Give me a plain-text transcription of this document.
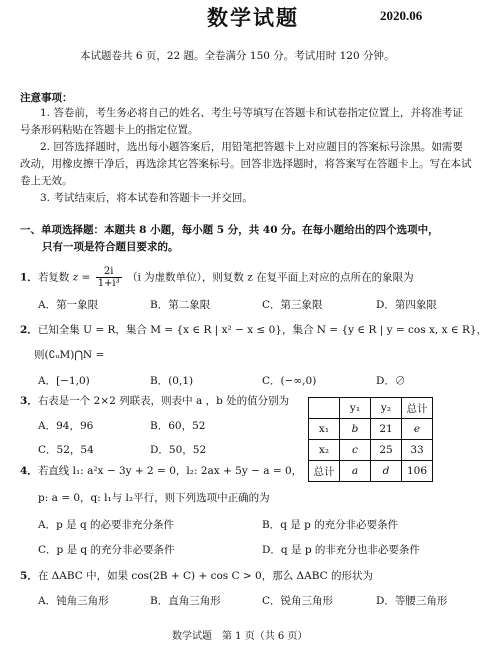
数学试题	2020.06
本试题卷共 6 页，22 题。全卷满分 150 分。考试用时 120 分钟。
注意事项：
1. 答卷前，考生务必将自己的姓名、考生号等填写在答题卡和试卷指定位置上，并将准考证号条形码粘贴在答题卡上的指定位置。
2. 回答选择题时，选出每小题答案后，用铅笔把答题卡上对应题目的答案标号涂黑。如需要改动，用橡皮擦干净后，再选涂其它答案标号。回答非选择题时，将答案写在答题卡上。写在本试卷上无效。
3. 考试结束后，将本试卷和答题卡一并交回。
一、单项选择题：本题共 8 小题，每小题 5 分，共 40 分。在每小题给出的四个选项中，
只有一项是符合题目要求的。
1．若复数 $z = \frac{2i}{\text{1+i³}} (i$ 为虚数单位），则复数 z 在复平面上对应的点所在的象限为
A．第一象限	B．第二象限	C．第三象限	D．第四象限
2．已知全集 U = R，集合 M = {x ∈ R | x² − x ≤ 0}，集合 N = {y ∈ R | y = cos x, x ∈ R}，
则(∁ᵤM)⋂N =
A．[−1,0)	B．(0,1)	C．(−∞,0)	D．∅
3．右表是一个 2×2 列联表，则表中 a ，b 处的值分别为
A．94，96	B．60，52
C．52，54	D．50，52
	y₁	y₂	总计
x₁	b	21	e
x₂	c	25	33
总计	a	d	106
4．若直线 l₁: a²x − 3y + 2 = 0，l₂: 2ax + 5y − a = 0，
p: a = 0，q: l₁与 l₂平行，则下列选项中正确的为
A．p 是 q 的必要非充分条件	B．q 是 p 的充分非必要条件
C．p 是 q 的充分非必要条件	D．q 是 p 的非充分也非必要条件
5．在 ΔABC 中，如果 cos(2B + C) + cos C > 0，那么 ΔABC 的形状为
A．钝角三角形	B．直角三角形	C．锐角三角形	D．等腰三角形
数学试题　第 1 页（共 6 页）
